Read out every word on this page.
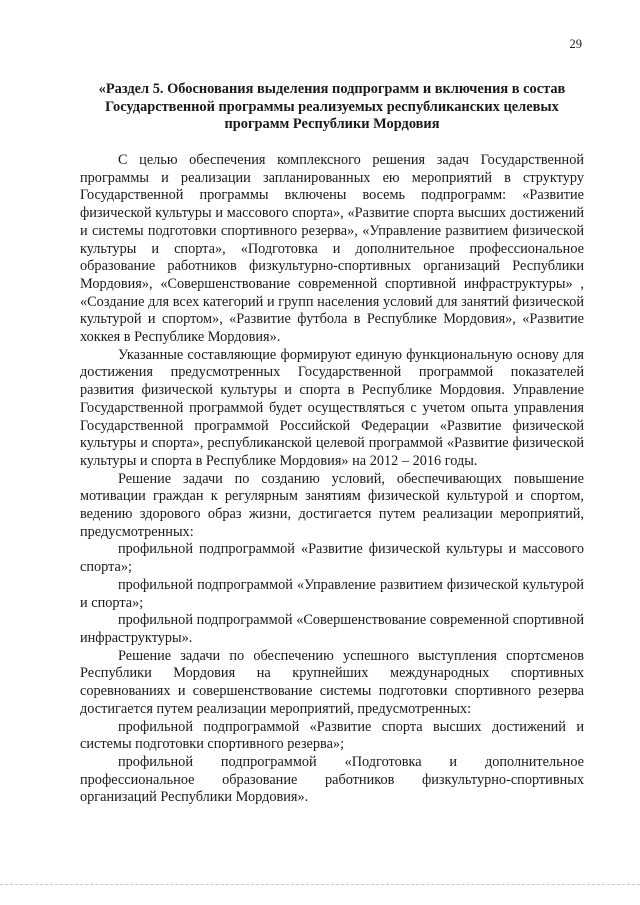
29
«Раздел 5. Обоснования выделения подпрограмм и включения в состав Государственной программы реализуемых республиканских целевых программ Республики Мордовия

С целью обеспечения комплексного решения задач Государственной программы и реализации запланированных ею мероприятий в структуру Государственной программы включены восемь подпрограмм: «Развитие физической культуры и массового спорта», «Развитие спорта высших достижений и системы подготовки спортивного резерва», «Управление развитием физической культуры и спорта», «Подготовка и дополнительное профессиональное образование работников физкультурно-спортивных организаций Республики Мордовия», «Совершенствование современной спортивной инфраструктуры» , «Создание для всех категорий и групп населения условий для занятий физической культурой и спортом», «Развитие футбола в Республике Мордовия», «Развитие хоккея в Республике Мордовия».

Указанные составляющие формируют единую функциональную основу для достижения предусмотренных Государственной программой показателей развития физической культуры и спорта в Республике Мордовия. Управление Государственной программой будет осуществляться с учетом опыта управления Государственной программой Российской Федерации «Развитие физической культуры и спорта», республиканской целевой программой «Развитие физической культуры и спорта в Республике Мордовия» на 2012 – 2016 годы.

Решение задачи по созданию условий, обеспечивающих повышение мотивации граждан к регулярным занятиям физической культурой и спортом, ведению здорового образ жизни, достигается путем реализации мероприятий, предусмотренных:

профильной подпрограммой «Развитие физической культуры и массового спорта»;

профильной подпрограммой «Управление развитием физической культурой и спорта»;

профильной подпрограммой «Совершенствование современной спортивной инфраструктуры».

Решение задачи по обеспечению успешного выступления спортсменов Республики Мордовия на крупнейших международных спортивных соревнованиях и совершенствование системы подготовки спортивного резерва достигается путем реализации мероприятий, предусмотренных:

профильной подпрограммой «Развитие спорта высших достижений и системы подготовки спортивного резерва»;

профильной подпрограммой «Подготовка и дополнительное профессиональное образование работников физкультурно-спортивных организаций Республики Мордовия».
